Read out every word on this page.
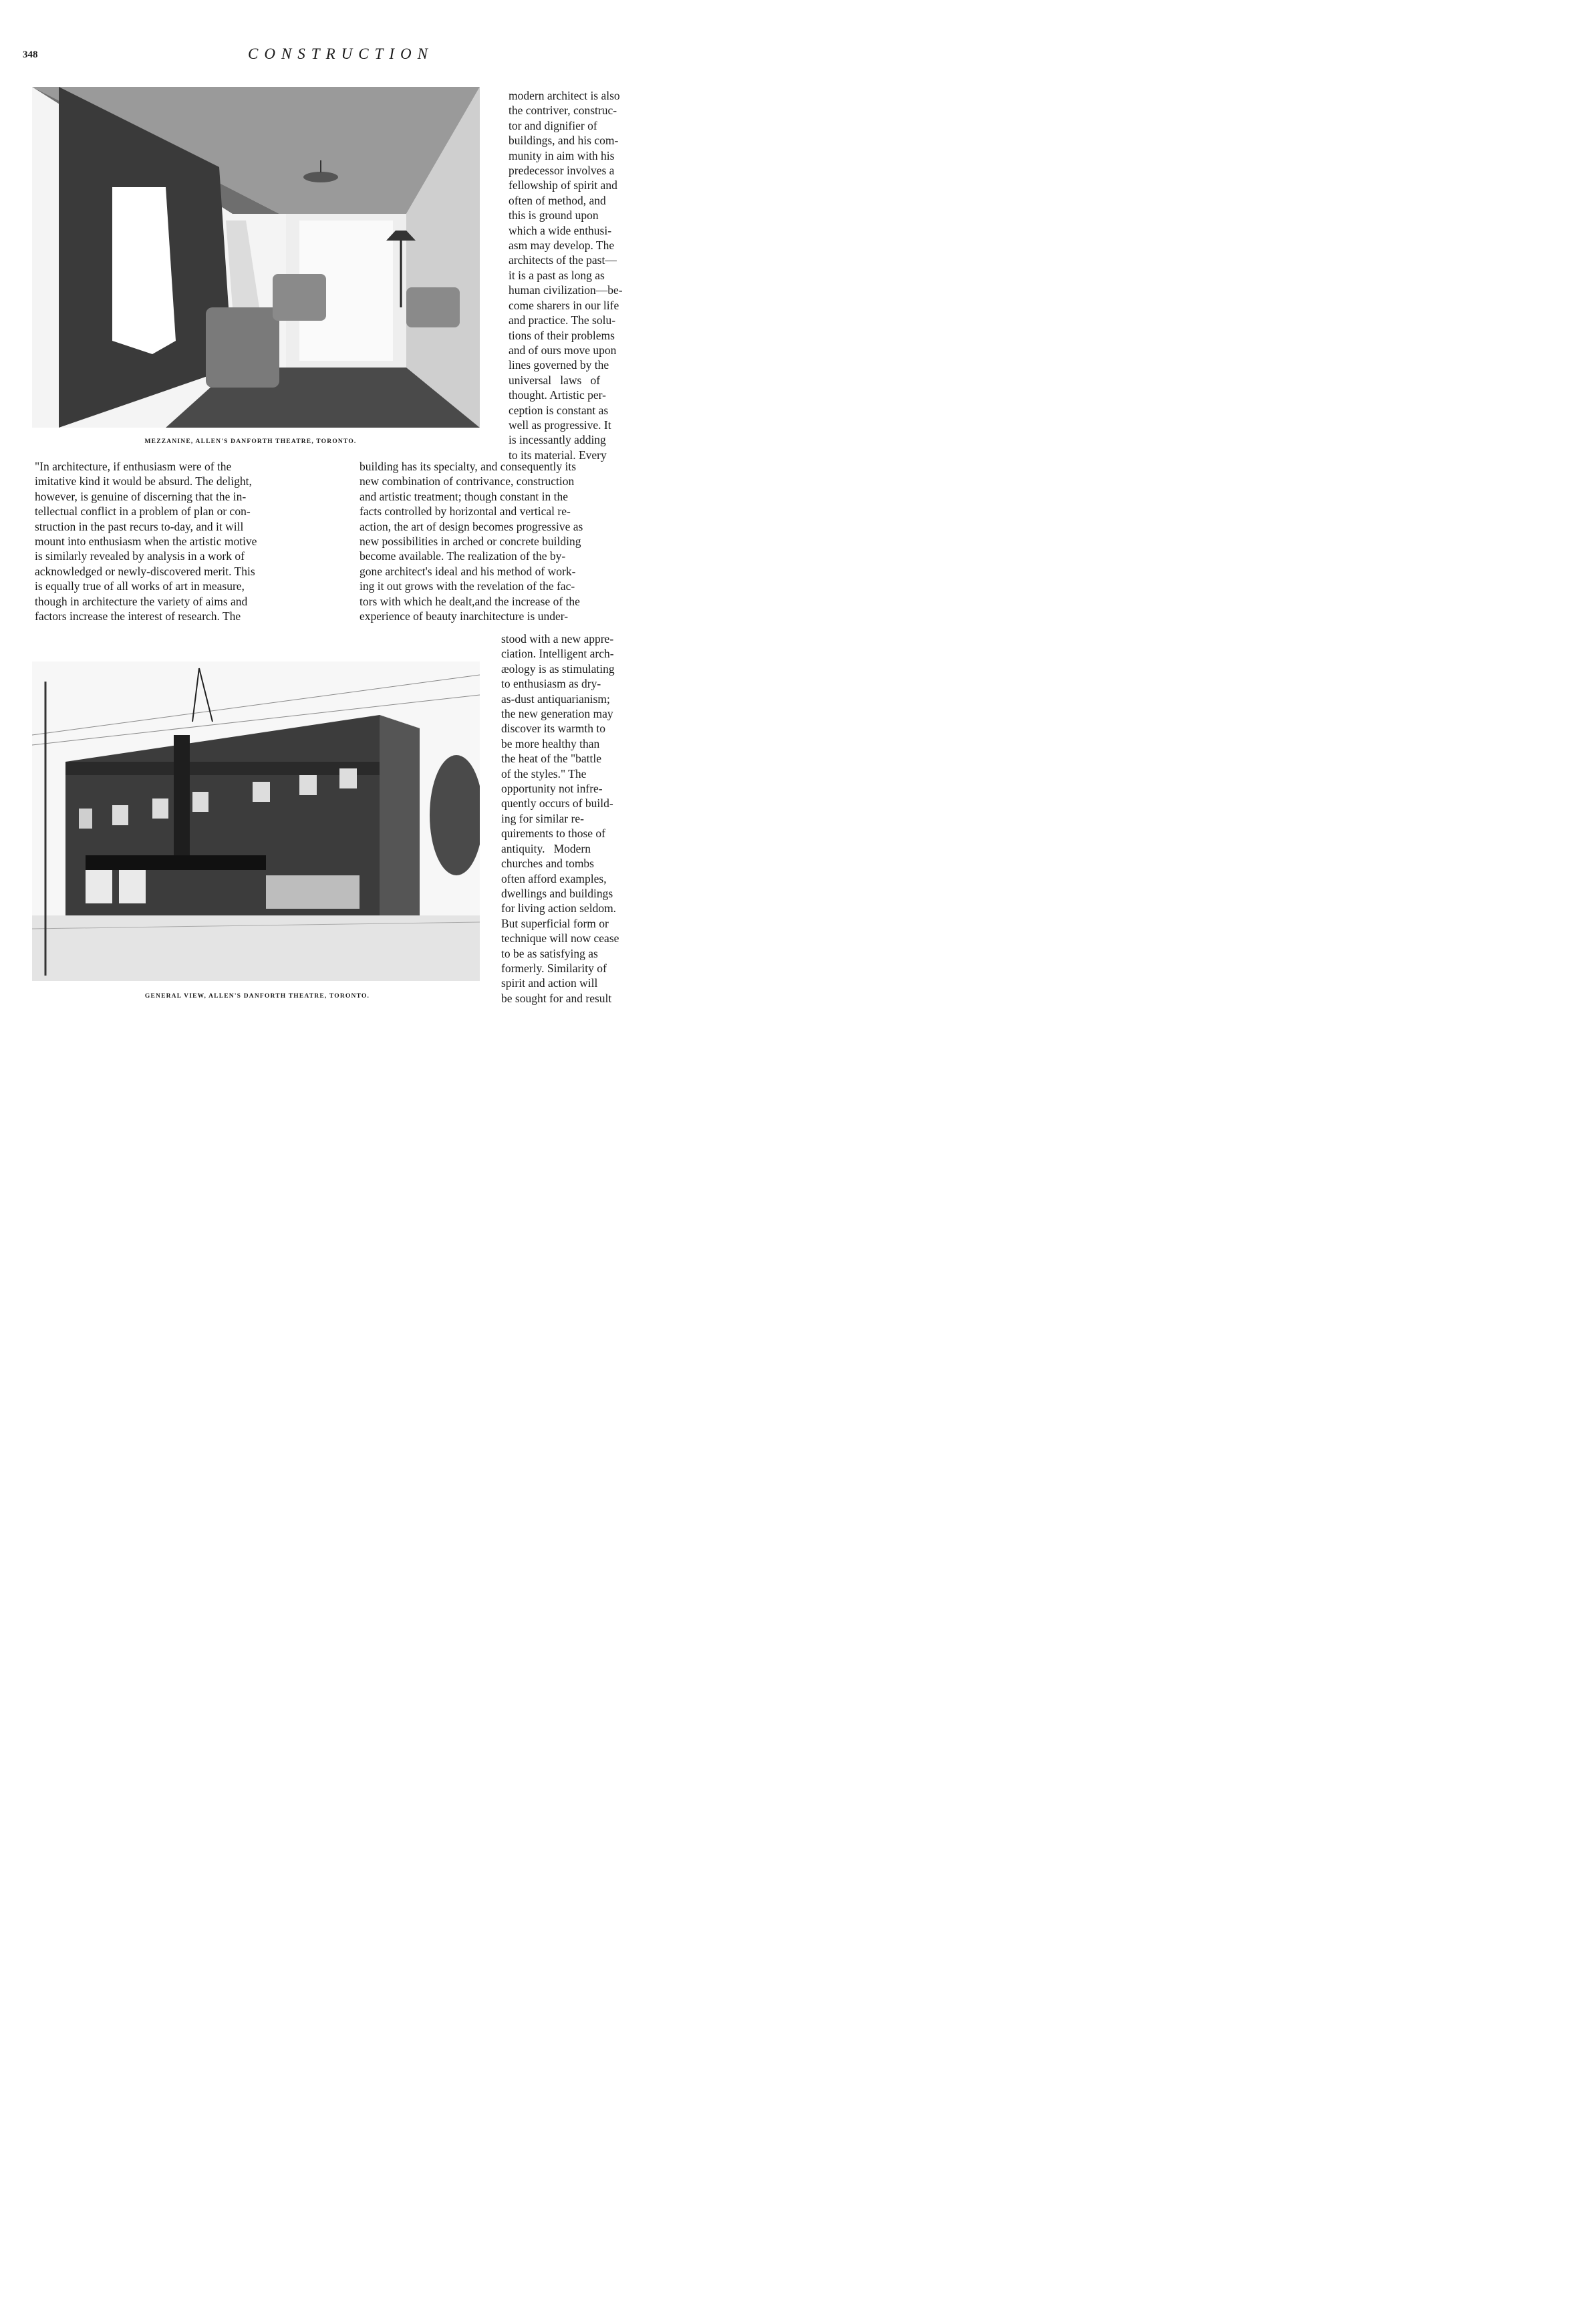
348	CONSTRUCTION
MEZZANINE, ALLEN'S DANFORTH THEATRE, TORONTO.
modern architect is also
the contriver, construc-
tor and dignifier of
buildings, and his com-
munity in aim with his
predecessor involves a
fellowship of spirit and
often of method, and
this is ground upon
which a wide enthusi-
asm may develop. The
architects of the past—
it is a past as long as
human civilization—be-
come sharers in our life
and practice. The solu-
tions of their problems
and of ours move upon
lines governed by the
universal   laws   of
thought. Artistic per-
ception is constant as
well as progressive. It
is incessantly adding
to its material. Every
"In architecture, if enthusiasm were of the
imitative kind it would be absurd. The delight,
however, is genuine of discerning that the in-
tellectual conflict in a problem of plan or con-
struction in the past recurs to-day, and it will
mount into enthusiasm when the artistic motive
is similarly revealed by analysis in a work of
acknowledged or newly-discovered merit. This
is equally true of all works of art in measure,
though in architecture the variety of aims and
factors increase the interest of research. The
building has its specialty, and consequently its
new combination of contrivance, construction
and artistic treatment; though constant in the
facts controlled by horizontal and vertical re-
action, the art of design becomes progressive as
new possibilities in arched or concrete building
become available. The realization of the by-
gone architect's ideal and his method of work-
ing it out grows with the revelation of the fac-
tors with which he dealt,and the increase of the
experience of beauty inarchitecture is under-
GENERAL VIEW, ALLEN'S DANFORTH THEATRE, TORONTO.
stood with a new appre-
ciation. Intelligent arch-
æology is as stimulating
to enthusiasm as dry-
as-dust antiquarianism;
the new generation may
discover its warmth to
be more healthy than
the heat of the "battle
of the styles." The
opportunity not infre-
quently occurs of build-
ing for similar re-
quirements to those of
antiquity.   Modern
churches and tombs
often afford examples,
dwellings and buildings
for living action seldom.
But superficial form or
technique will now cease
to be as satisfying as
formerly. Similarity of
spirit and action will
be sought for and result
